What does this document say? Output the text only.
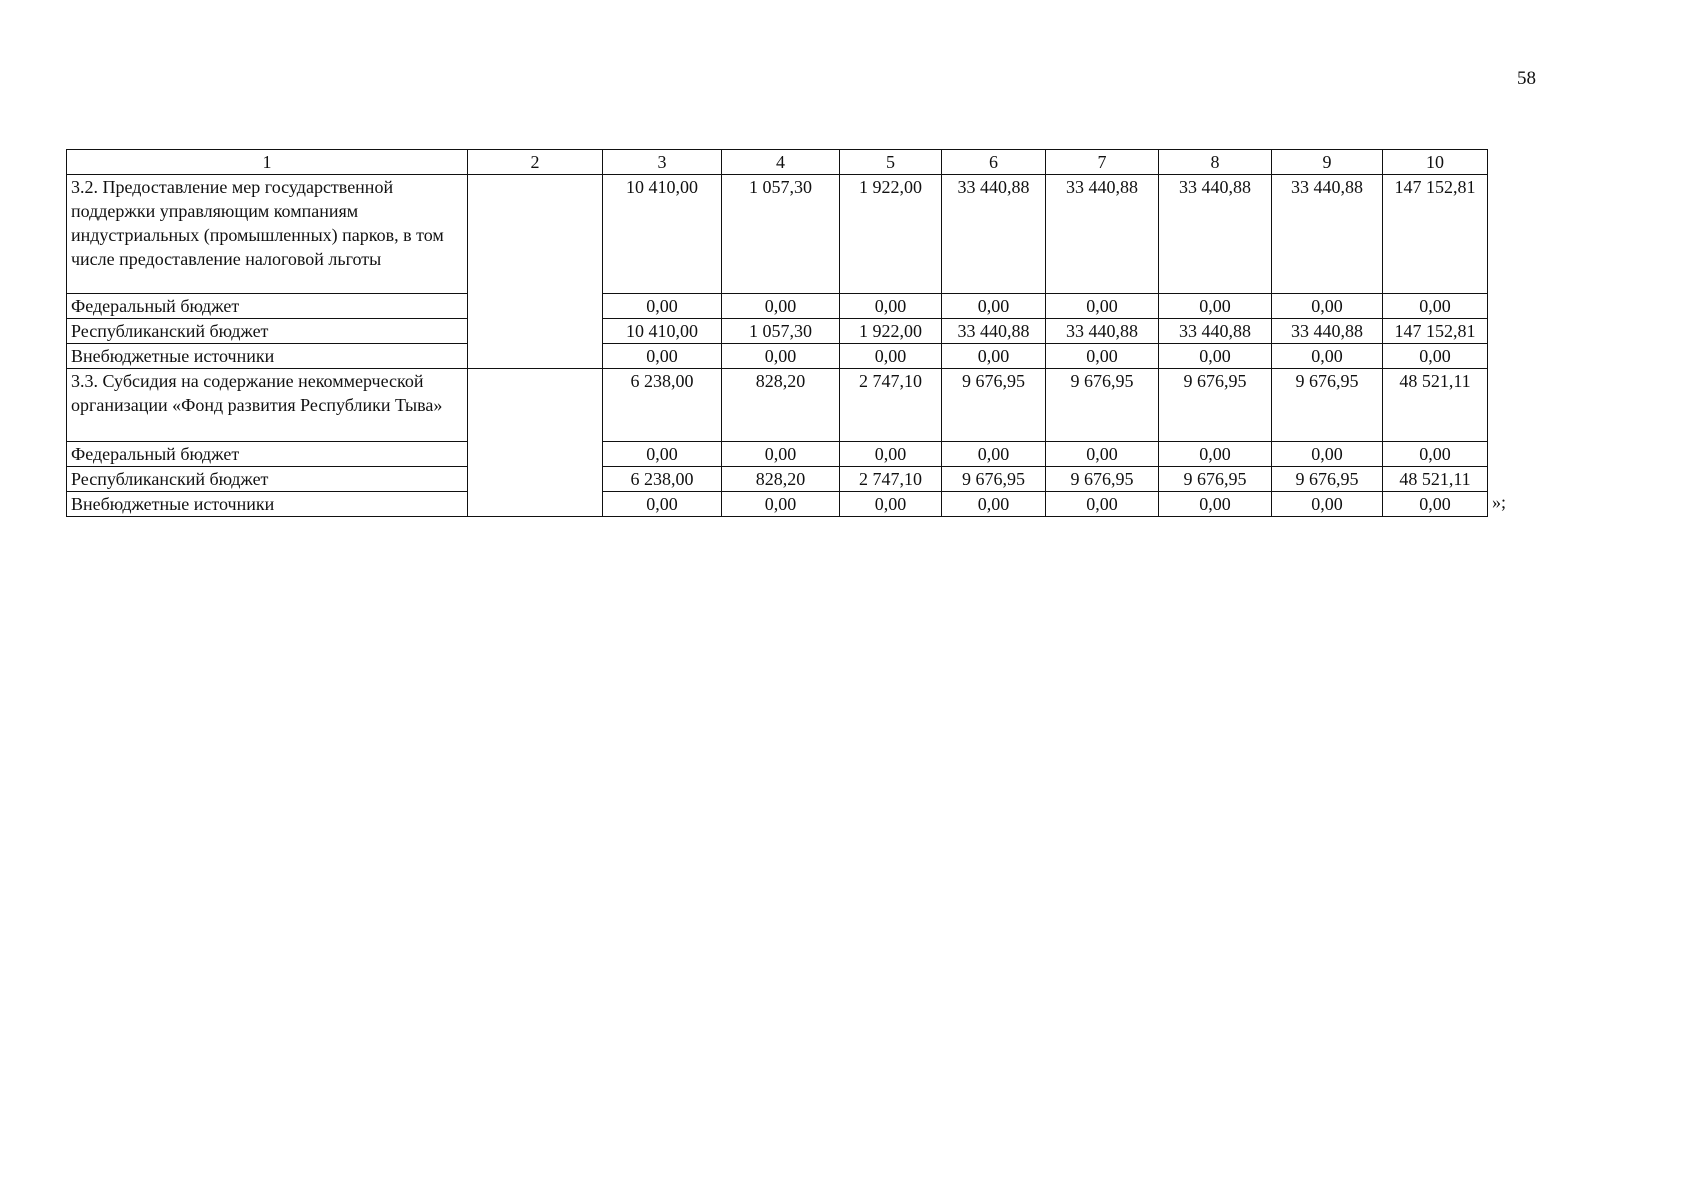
58
1	2	3	4	5	6	7	8	9	10
3.2. Предоставление мер государственной поддержки управляющим компаниям индустриальных (промышленных) парков, в том числе предоставление налоговой льготы		10 410,00	1 057,30	1 922,00	33 440,88	33 440,88	33 440,88	33 440,88	147 152,81
Федеральный бюджет		0,00	0,00	0,00	0,00	0,00	0,00	0,00	0,00
Республиканский бюджет		10 410,00	1 057,30	1 922,00	33 440,88	33 440,88	33 440,88	33 440,88	147 152,81
Внебюджетные источники		0,00	0,00	0,00	0,00	0,00	0,00	0,00	0,00
3.3. Субсидия на содержание некоммерческой организации «Фонд развития Республики Тыва»		6 238,00	828,20	2 747,10	9 676,95	9 676,95	9 676,95	9 676,95	48 521,11
Федеральный бюджет		0,00	0,00	0,00	0,00	0,00	0,00	0,00	0,00
Республиканский бюджет		6 238,00	828,20	2 747,10	9 676,95	9 676,95	9 676,95	9 676,95	48 521,11
Внебюджетные источники		0,00	0,00	0,00	0,00	0,00	0,00	0,00	0,00 »;
